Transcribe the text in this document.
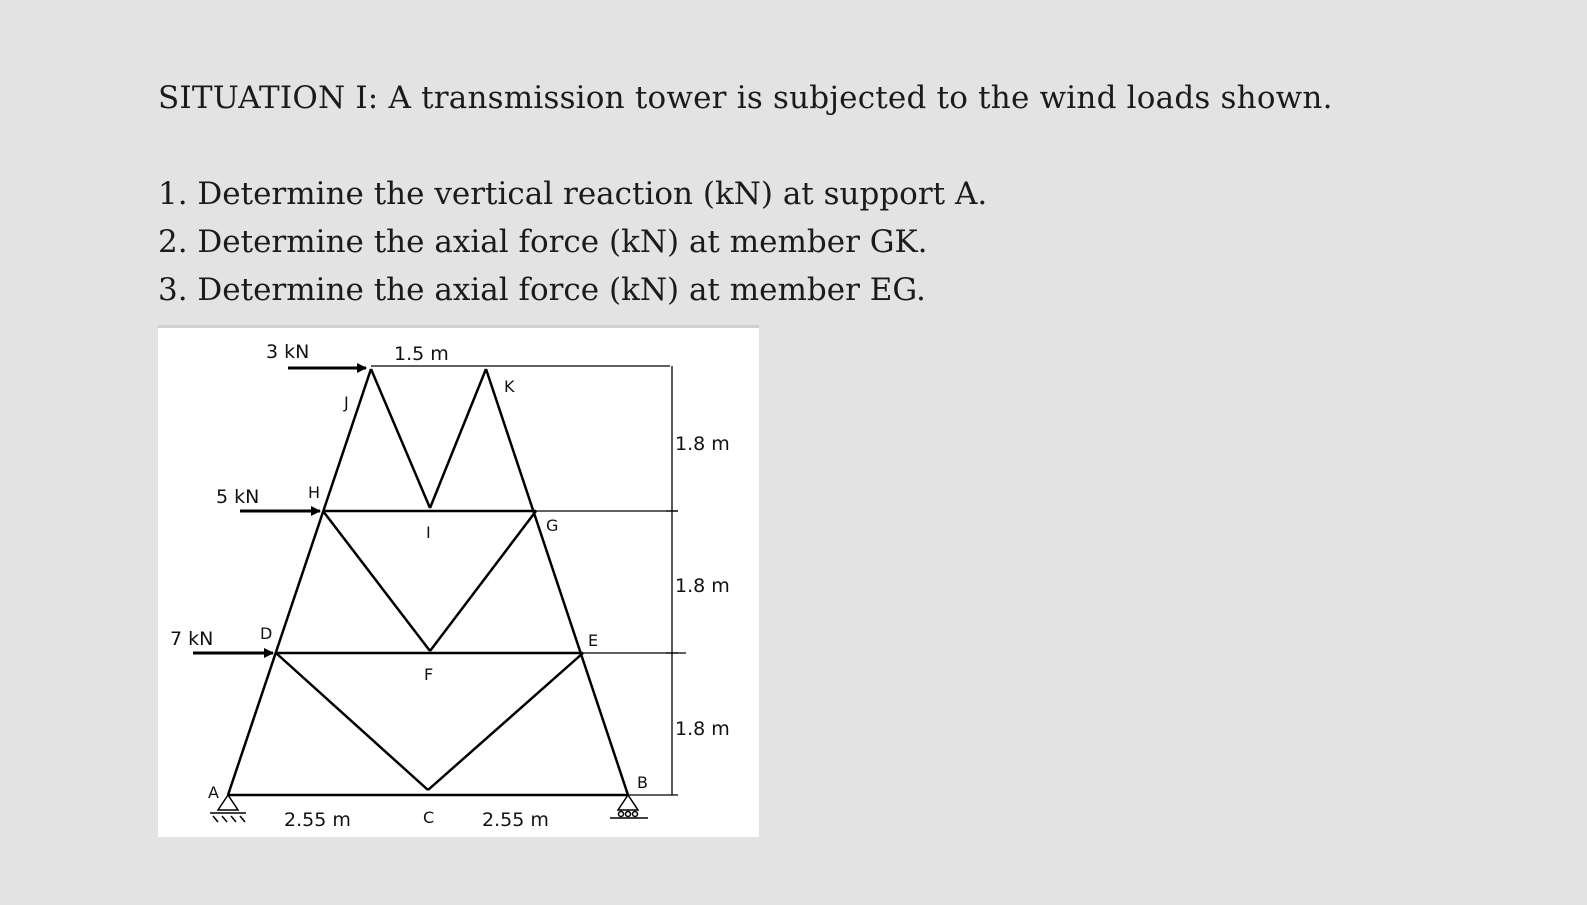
SITUATION I: A transmission tower is subjected to the wind loads shown.
1. Determine the vertical reaction (kN) at support A.
2. Determine the axial force (kN) at member GK.
3. Determine the axial force (kN) at member EG.
3 kN
5 kN
7 kN
1.5 m
1.8 m
1.8 m
1.8 m
2.55 m	2.55 m
A
B
C
D	E
F
G
H
I
J
K
